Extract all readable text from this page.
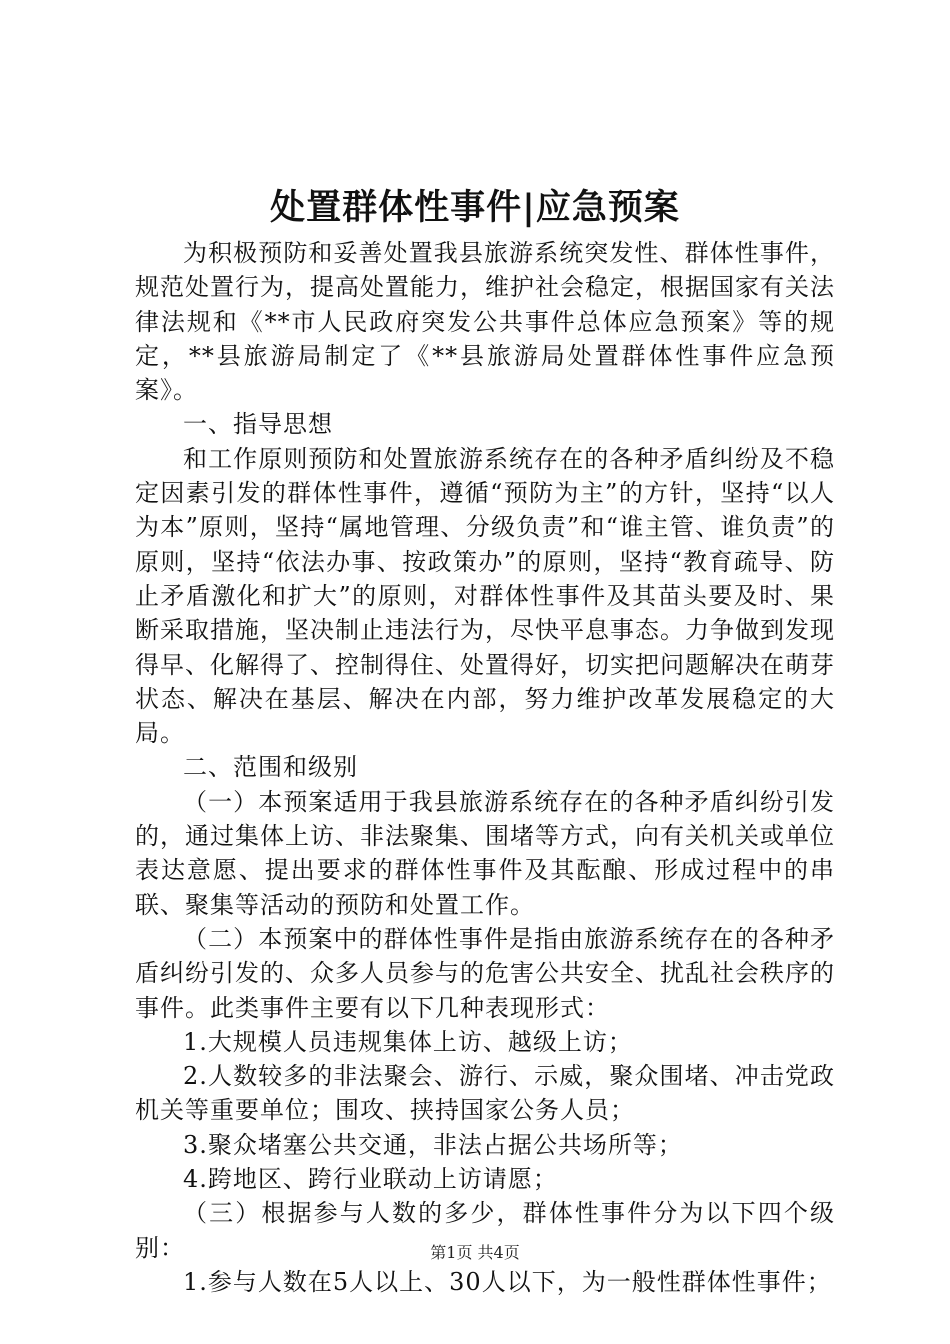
处置群体性事件|应急预案

为积极预防和妥善处置我县旅游系统突发性、群体性事件，规范处置行为，提高处置能力，维护社会稳定，根据国家有关法律法规和《**市人民政府突发公共事件总体应急预案》等的规定，**县旅游局制定了《**县旅游局处置群体性事件应急预案》。

一、指导思想

和工作原则预防和处置旅游系统存在的各种矛盾纠纷及不稳定因素引发的群体性事件，遵循“预防为主”的方针，坚持“以人为本”原则，坚持“属地管理、分级负责”和“谁主管、谁负责”的原则，坚持“依法办事、按政策办”的原则，坚持“教育疏导、防止矛盾激化和扩大”的原则，对群体性事件及其苗头要及时、果断采取措施，坚决制止违法行为，尽快平息事态。力争做到发现得早、化解得了、控制得住、处置得好，切实把问题解决在萌芽状态、解决在基层、解决在内部，努力维护改革发展稳定的大局。

二、范围和级别

（一）本预案适用于我县旅游系统存在的各种矛盾纠纷引发的，通过集体上访、非法聚集、围堵等方式，向有关机关或单位表达意愿、提出要求的群体性事件及其酝酿、形成过程中的串联、聚集等活动的预防和处置工作。

（二）本预案中的群体性事件是指由旅游系统存在的各种矛盾纠纷引发的、众多人员参与的危害公共安全、扰乱社会秩序的事件。此类事件主要有以下几种表现形式：

1.大规模人员违规集体上访、越级上访；

2.人数较多的非法聚会、游行、示威，聚众围堵、冲击党政机关等重要单位；围攻、挟持国家公务人员；

3.聚众堵塞公共交通，非法占据公共场所等；

4.跨地区、跨行业联动上访请愿；

（三）根据参与人数的多少，群体性事件分为以下四个级别：

1.参与人数在5人以上、30人以下，为一般性群体性事件；

第1页 共4页
